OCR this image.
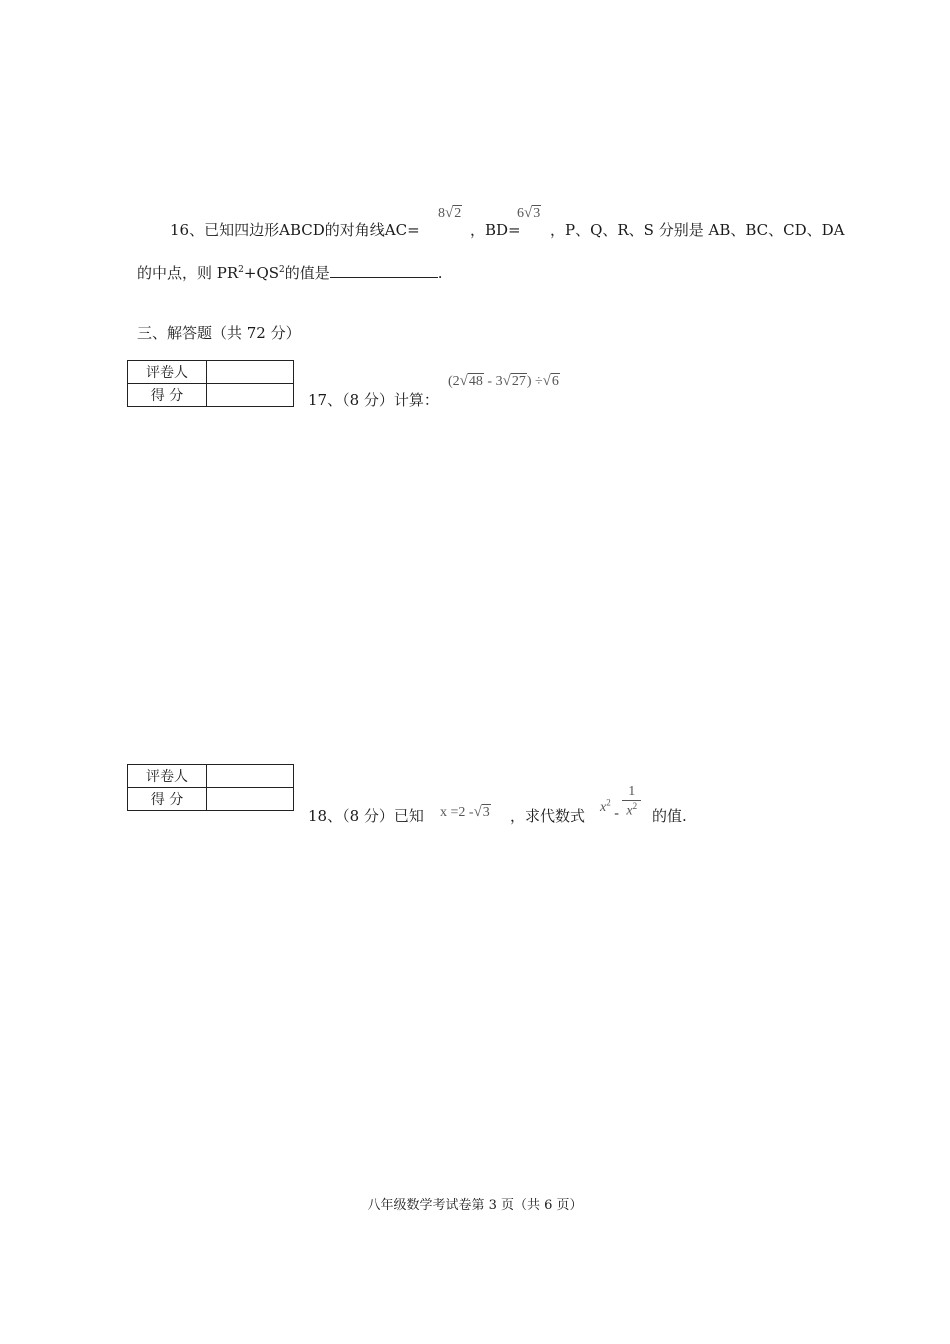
16、已知四边形ABCD的对角线AC=
8√2
，BD=
6√3
，P、Q、R、S 分别是 AB、BC、CD、DA
的中点，则 $PR^2+QS^2$的值是	.
三、解答题（共 72 分）
评卷人	
得 分		17、（8 分）计算：
(2√48 - 3√27) ÷√6
评卷人	
得 分	
18、（8 分）已知 x =2 -√3 ，求代数式 $x^2 - \frac{1}{x^2}$ 的值.
八年级数学考试卷第 3 页（共 6 页）
